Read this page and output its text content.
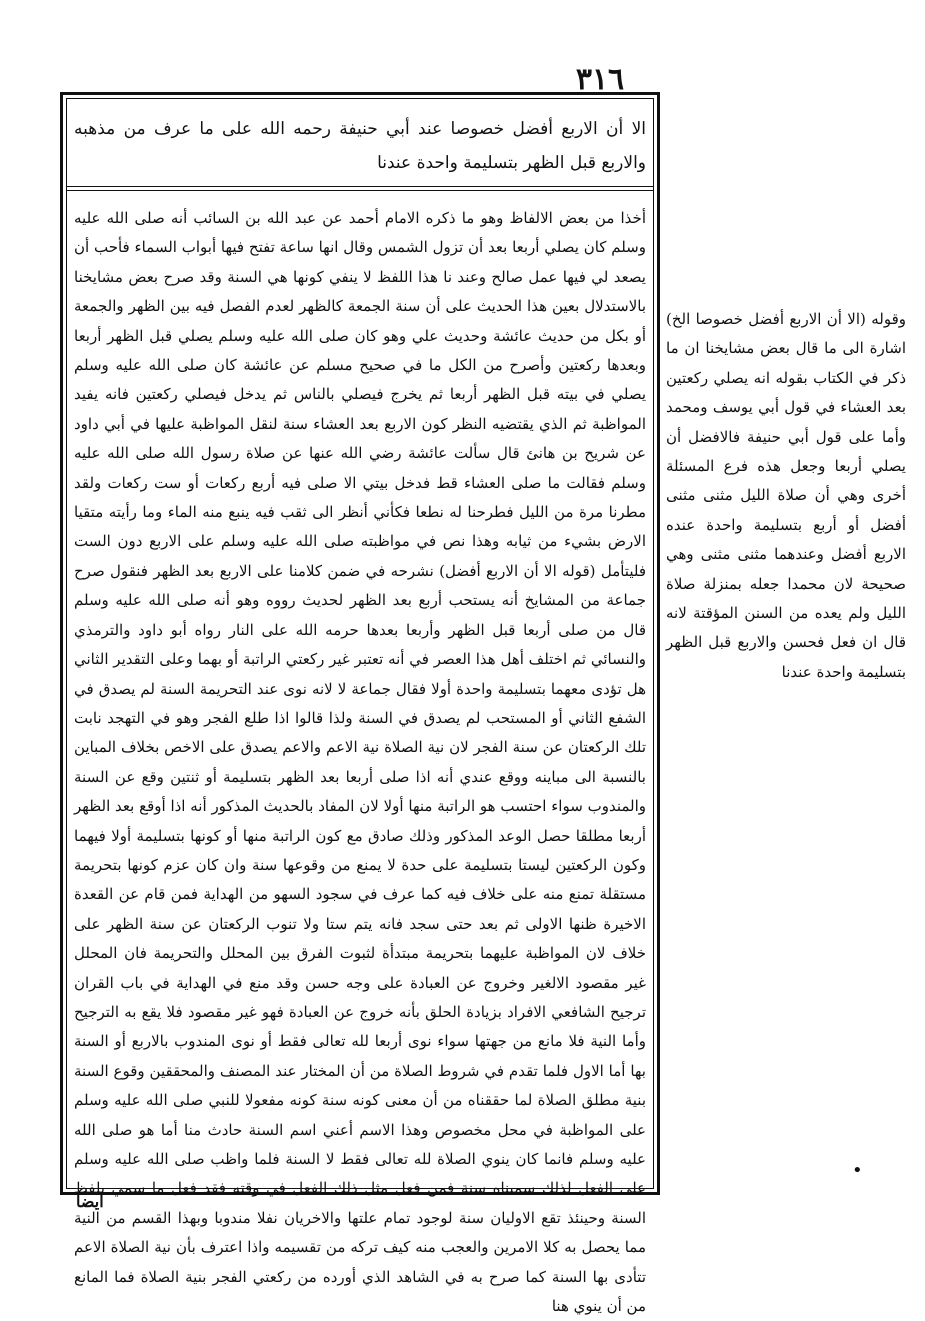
٣١٦
الا أن الاربع أفضل خصوصا عند أبي حنيفة رحمه الله على ما عرف من مذهبه والاربع قبل الظهر بتسليمة واحدة عندنا

أخذا من بعض الالفاظ وهو ما ذكره الامام أحمد عن عبد الله بن السائب أنه صلى الله عليه وسلم كان يصلي أربعا بعد أن تزول الشمس وقال انها ساعة تفتح فيها أبواب السماء فأحب أن يصعد لي فيها عمل صالح وعند نا هذا اللفظ لا ينفي كونها هي السنة وقد صرح بعض مشايخنا بالاستدلال بعين هذا الحديث على أن سنة الجمعة كالظهر لعدم الفصل فيه بين الظهر والجمعة أو بكل من حديث عائشة وحديث علي وهو كان صلى الله عليه وسلم يصلي قبل الظهر أربعا وبعدها ركعتين وأصرح من الكل ما في صحيح مسلم عن عائشة كان صلى الله عليه وسلم يصلي في بيته قبل الظهر أربعا ثم يخرج فيصلي بالناس ثم يدخل فيصلي ركعتين فانه يفيد المواظبة ثم الذي يقتضيه النظر كون الاربع بعد العشاء سنة لنقل المواظبة عليها في أبي داود عن شريح بن هانئ قال سألت عائشة رضي الله عنها عن صلاة رسول الله صلى الله عليه وسلم فقالت ما صلى العشاء قط فدخل بيتي الا صلى فيه أربع ركعات أو ست ركعات ولقد مطرنا مرة من الليل فطرحنا له نطعا فكأني أنظر الى ثقب فيه ينبع منه الماء وما رأيته متقيا الارض بشيء من ثيابه وهذا نص في مواظبته صلى الله عليه وسلم على الاربع دون الست فليتأمل (قوله الا أن الاربع أفضل) نشرحه في ضمن كلامنا على الاربع بعد الظهر فنقول صرح جماعة من المشايخ أنه يستحب أربع بعد الظهر لحديث رووه وهو أنه صلى الله عليه وسلم قال من صلى أربعا قبل الظهر وأربعا بعدها حرمه الله على النار رواه أبو داود والترمذي والنسائي ثم اختلف أهل هذا العصر في أنه تعتبر غير ركعتي الراتبة أو بهما وعلى التقدير الثاني هل تؤدى معهما بتسليمة واحدة أولا فقال جماعة لا لانه نوى عند التحريمة السنة لم يصدق في الشفع الثاني أو المستحب لم يصدق في السنة ولذا قالوا اذا طلع الفجر وهو في التهجد نابت تلك الركعتان عن سنة الفجر لان نية الصلاة نية الاعم والاعم يصدق على الاخص بخلاف المباين بالنسبة الى مباينه ووقع عندي أنه اذا صلى أربعا بعد الظهر بتسليمة أو ثنتين وقع عن السنة والمندوب سواء احتسب هو الراتبة منها أولا لان المفاد بالحديث المذكور أنه اذا أوقع بعد الظهر أربعا مطلقا حصل الوعد المذكور وذلك صادق مع كون الراتبة منها أو كونها بتسليمة أولا فيهما وكون الركعتين ليستا بتسليمة على حدة لا يمنع من وقوعها سنة وان كان عزم كونها بتحريمة مستقلة تمنع منه على خلاف فيه كما عرف في سجود السهو من الهداية فمن قام عن القعدة الاخيرة ظنها الاولى ثم بعد حتى سجد فانه يتم ستا ولا تنوب الركعتان عن سنة الظهر على خلاف لان المواظبة عليهما بتحريمة مبتدأة لثبوت الفرق بين المحلل والتحريمة فان المحلل غير مقصود الالغير وخروج عن العبادة على وجه حسن وقد منع في الهداية في باب القران ترجيح الشافعي الافراد بزيادة الحلق بأنه خروج عن العبادة فهو غير مقصود فلا يقع به الترجيح وأما النية فلا مانع من جهتها سواء نوى أربعا لله تعالى فقط أو نوى المندوب بالاربع أو السنة بها أما الاول فلما تقدم في شروط الصلاة من أن المختار عند المصنف والمحققين وقوع السنة بنية مطلق الصلاة لما حققناه من أن معنى كونه سنة كونه مفعولا للنبي صلى الله عليه وسلم على المواظبة في محل مخصوص وهذا الاسم أعني اسم السنة حادث منا أما هو صلى الله عليه وسلم فانما كان ينوي الصلاة لله تعالى فقط لا السنة فلما واظب صلى الله عليه وسلم على الفعل لذلك سميناه سنة فمن فعل مثل ذلك الفعل في وقته فقد فعل ما سمي بلفظ السنة وحينئذ تقع الاوليان سنة لوجود تمام علتها والاخريان نفلا مندوبا وبهذا القسم من النية مما يحصل به كلا الامرين والعجب منه كيف تركه من تقسيمه واذا اعترف بأن نية الصلاة الاعم تتأدى بها السنة كما صرح به في الشاهد الذي أورده من ركعتي الفجر بنية الصلاة فما المانع من أن ينوي هنا

وقوله (الا أن الاربع أفضل خصوصا الخ) اشارة الى ما قال بعض مشايخنا ان ما ذكر في الكتاب بقوله انه يصلي ركعتين بعد العشاء في قول أبي يوسف ومحمد وأما على قول أبي حنيفة فالافضل أن يصلي أربعا وجعل هذه فرع المسئلة أخرى وهي أن صلاة الليل مثنى مثنى أفضل أو أربع بتسليمة واحدة عنده الاربع أفضل وعندهما مثنى مثنى وهي صحيحة لان محمدا جعله بمنزلة صلاة الليل ولم يعده من السنن المؤقتة لانه قال ان فعل فحسن والاربع قبل الظهر بتسليمة واحدة عندنا

•
ايضا
